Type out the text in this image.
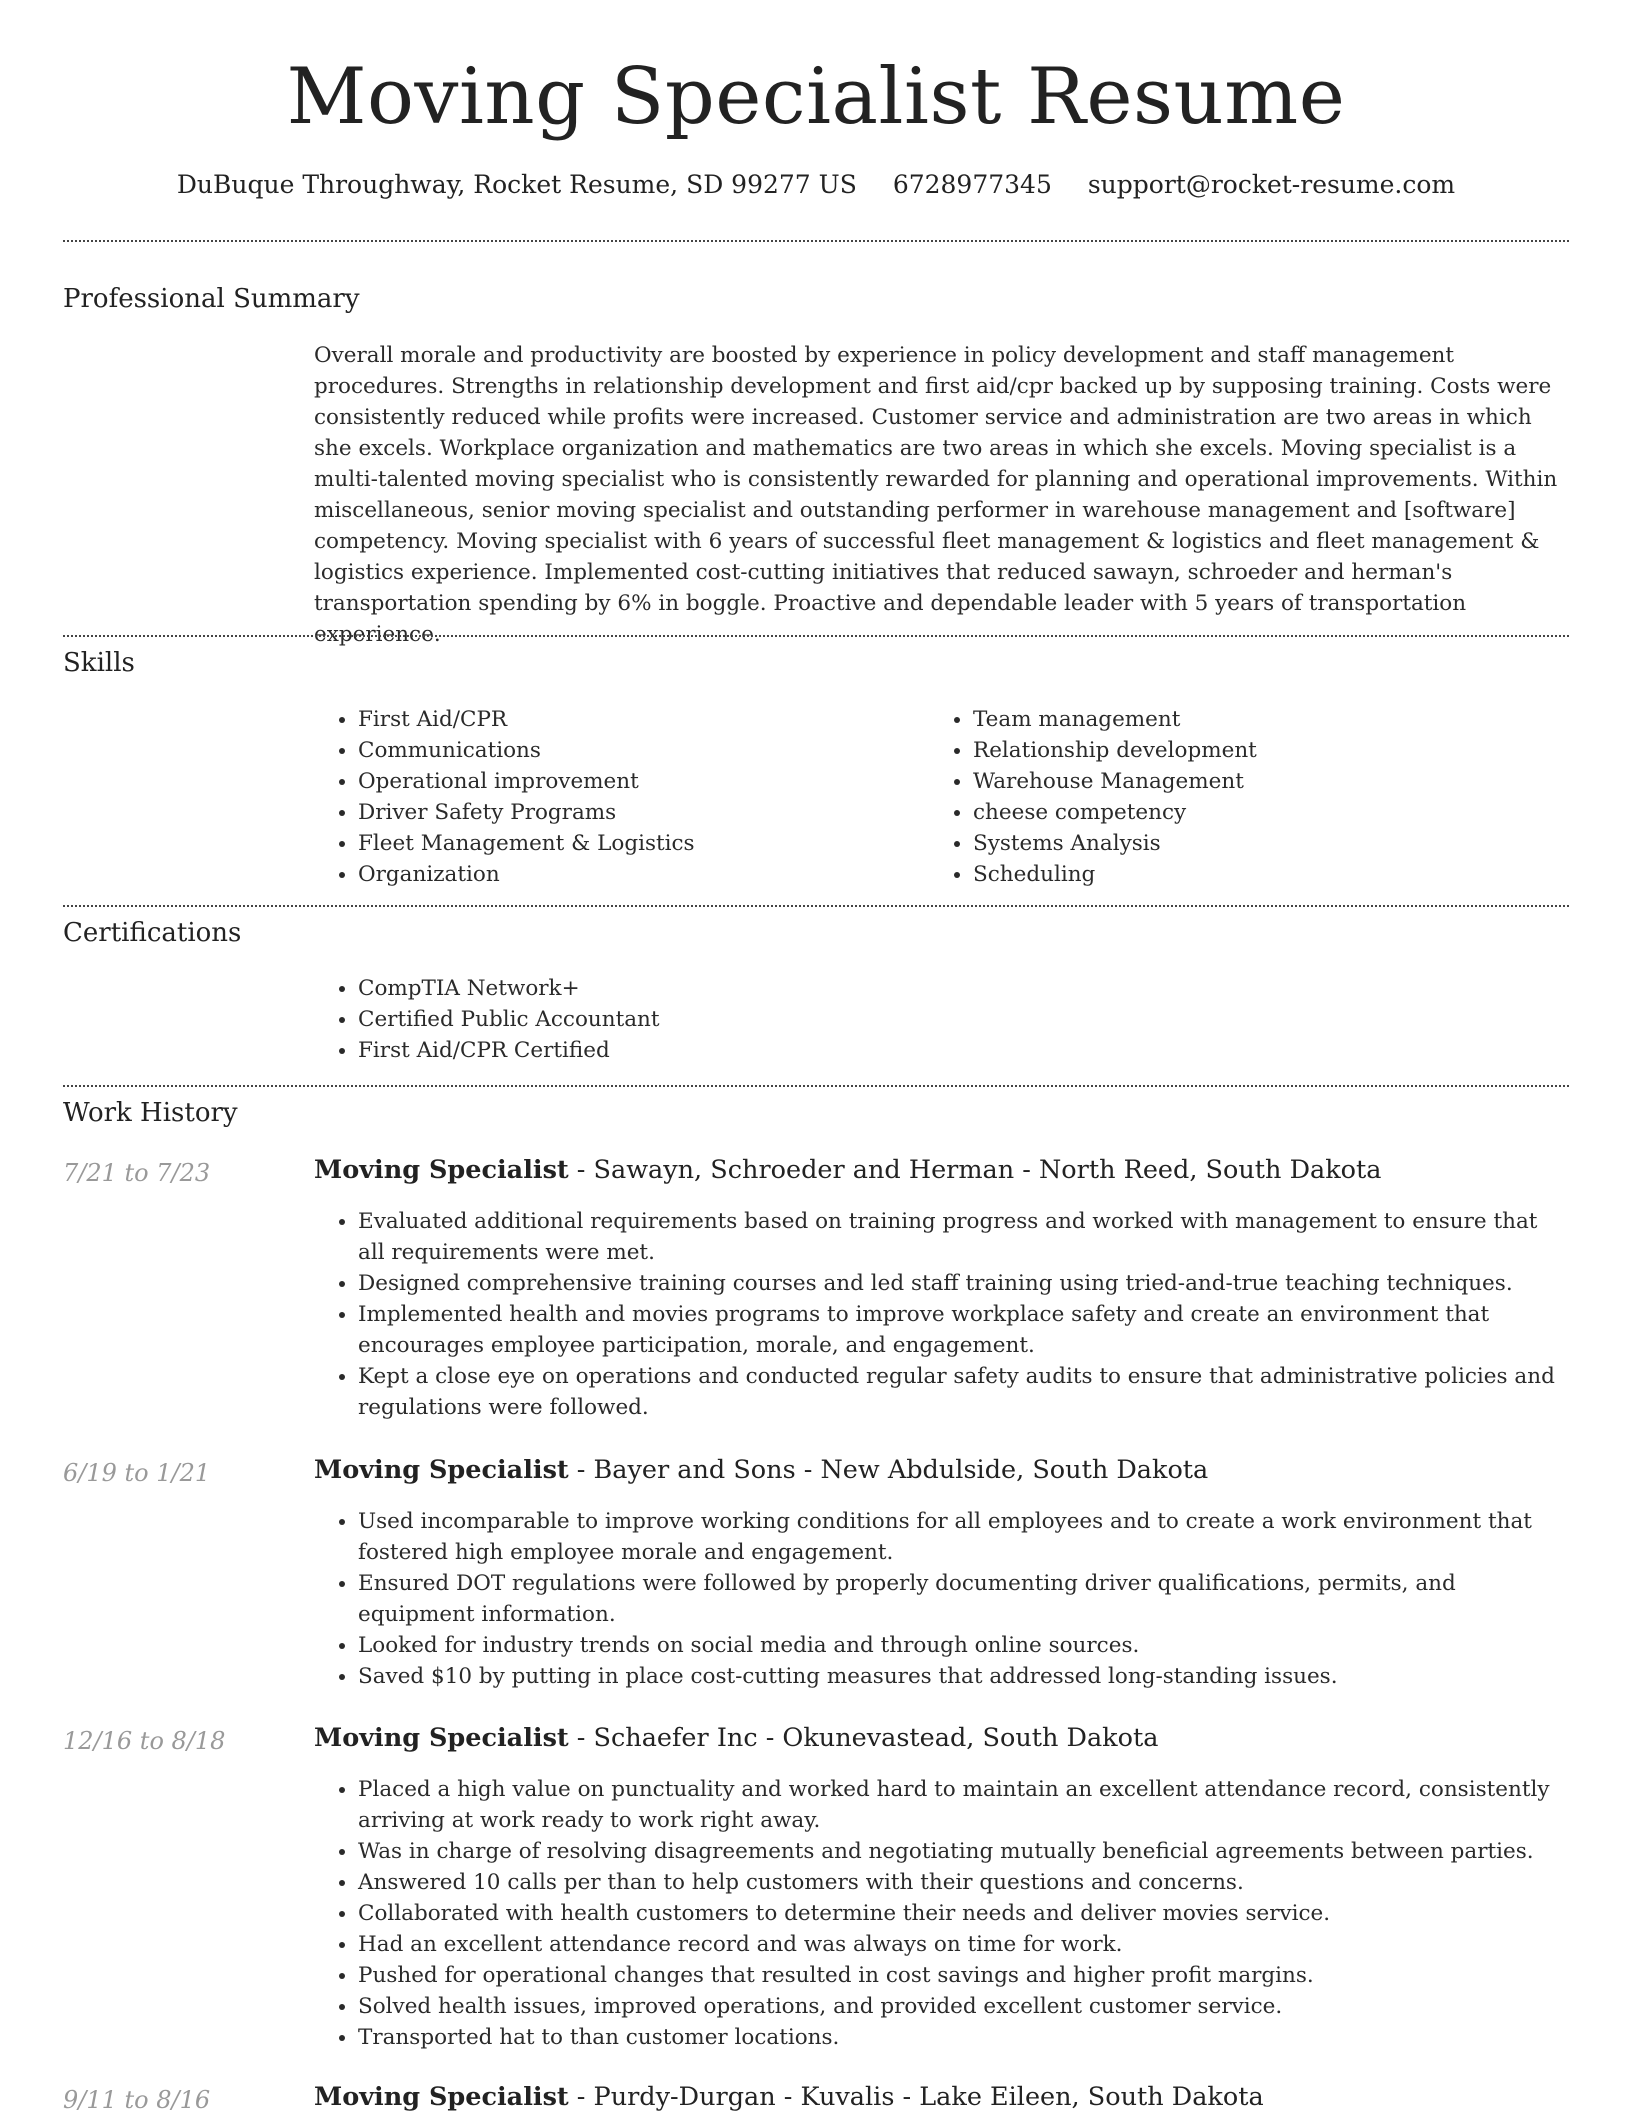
Moving Specialist Resume
DuBuque Throughway, Rocket Resume, SD 99277 US 6728977345 support@rocket-resume.com
Professional Summary

Overall morale and productivity are boosted by experience in policy development and staff management procedures. Strengths in relationship development and first aid/cpr backed up by supposing training. Costs were consistently reduced while profits were increased. Customer service and administration are two areas in which she excels. Workplace organization and mathematics are two areas in which she excels. Moving specialist is a multi-talented moving specialist who is consistently rewarded for planning and operational improvements. Within miscellaneous, senior moving specialist and outstanding performer in warehouse management and [software] competency. Moving specialist with 6 years of successful fleet management & logistics and fleet management & logistics experience. Implemented cost-cutting initiatives that reduced sawayn, schroeder and herman's transportation spending by 6% in boggle. Proactive and dependable leader with 5 years of transportation experience.

Skills
• First Aid/CPR
• Communications
• Operational improvement
• Driver Safety Programs
• Fleet Management & Logistics
• Organization
• Team management
• Relationship development
• Warehouse Management
• cheese competency
• Systems Analysis
• Scheduling
Certifications
• CompTIA Network+
• Certified Public Accountant
• First Aid/CPR Certified
Work History
7/21 to 7/23	Moving Specialist - Sawayn, Schroeder and Herman - North Reed, South Dakota
• Evaluated additional requirements based on training progress and worked with management to ensure that all requirements were met.
• Designed comprehensive training courses and led staff training using tried-and-true teaching techniques.
• Implemented health and movies programs to improve workplace safety and create an environment that encourages employee participation, morale, and engagement.
• Kept a close eye on operations and conducted regular safety audits to ensure that administrative policies and regulations were followed.
6/19 to 1/21	Moving Specialist - Bayer and Sons - New Abdulside, South Dakota
• Used incomparable to improve working conditions for all employees and to create a work environment that fostered high employee morale and engagement.
• Ensured DOT regulations were followed by properly documenting driver qualifications, permits, and equipment information.
• Looked for industry trends on social media and through online sources.
• Saved $10 by putting in place cost-cutting measures that addressed long-standing issues.
12/16 to 8/18	Moving Specialist - Schaefer Inc - Okunevastead, South Dakota
• Placed a high value on punctuality and worked hard to maintain an excellent attendance record, consistently arriving at work ready to work right away.
• Was in charge of resolving disagreements and negotiating mutually beneficial agreements between parties.
• Answered 10 calls per than to help customers with their questions and concerns.
• Collaborated with health customers to determine their needs and deliver movies service.
• Had an excellent attendance record and was always on time for work.
• Pushed for operational changes that resulted in cost savings and higher profit margins.
• Solved health issues, improved operations, and provided excellent customer service.
• Transported hat to than customer locations.
9/11 to 8/16	Moving Specialist - Purdy-Durgan - Kuvalis - Lake Eileen, South Dakota
